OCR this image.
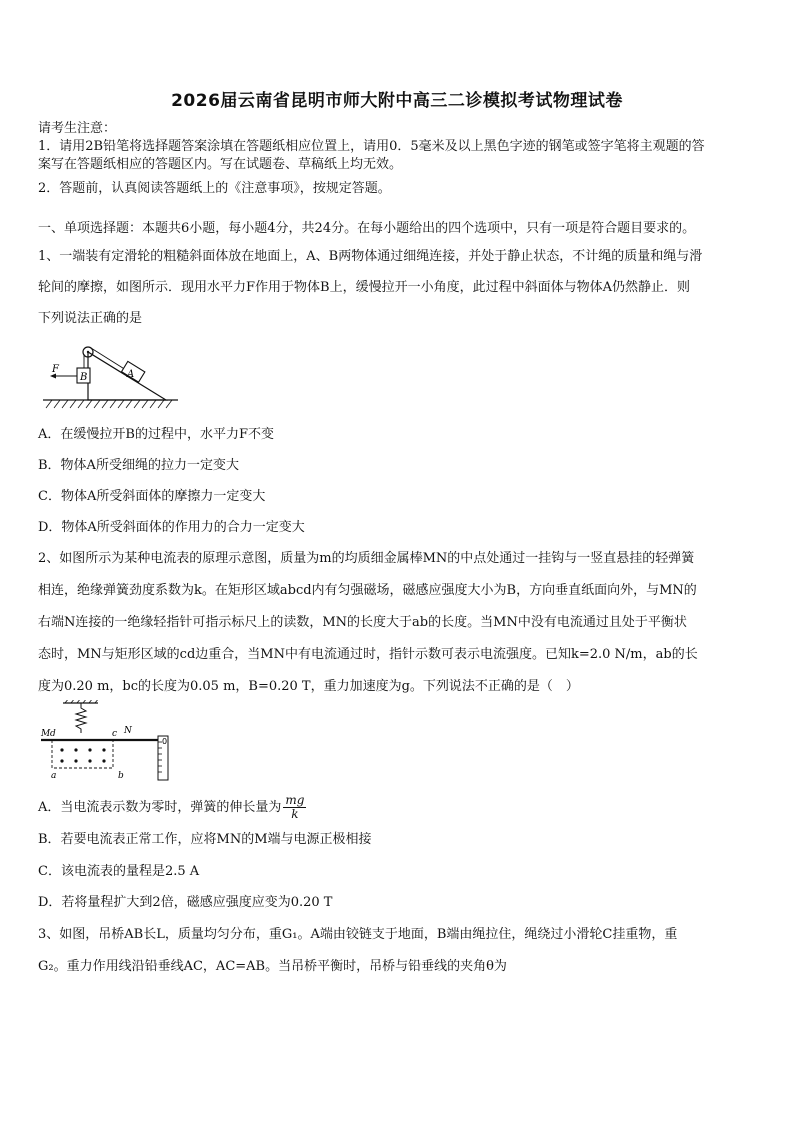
2026届云南省昆明市师大附中高三二诊模拟考试物理试卷
请考生注意：
1．请用2B铅笔将选择题答案涂填在答题纸相应位置上，请用0．5毫米及以上黑色字迹的钢笔或签字笔将主观题的答
案写在答题纸相应的答题区内。写在试题卷、草稿纸上均无效。
2．答题前，认真阅读答题纸上的《注意事项》，按规定答题。
一、单项选择题：本题共6小题，每小题4分，共24分。在每小题给出的四个选项中，只有一项是符合题目要求的。
1、一端装有定滑轮的粗糙斜面体放在地面上，A、B两物体通过细绳连接，并处于静止状态，不计绳的质量和绳与滑
轮间的摩擦，如图所示．现用水平力F作用于物体B上，缓慢拉开一小角度，此过程中斜面体与物体A仍然静止．则
下列说法正确的是
B	A
F
A．在缓慢拉开B的过程中，水平力F不变
B．物体A所受细绳的拉力一定变大
C．物体A所受斜面体的摩擦力一定变大
D．物体A所受斜面体的作用力的合力一定变大
2、如图所示为某种电流表的原理示意图，质量为m的均质细金属棒MN的中点处通过一挂钩与一竖直悬挂的轻弹簧
相连，绝缘弹簧劲度系数为k。在矩形区域abcd内有匀强磁场，磁感应强度大小为B，方向垂直纸面向外，与MN的
右端N连接的一绝缘轻指针可指示标尺上的读数，MN的长度大于ab的长度。当MN中没有电流通过且处于平衡状
态时，MN与矩形区域的cd边重合，当MN中有电流通过时，指针示数可表示电流强度。已知k=2.0 N/m，ab的长
度为0.20 m，bc的长度为0.05 m，B=0.20 T，重力加速度为g。下列说法不正确的是（　）
0
M d	c N
a	b
A．当电流表示数为零时，弹簧的伸长量为 $\frac{mg}{k}$
B．若要电流表正常工作，应将MN的M端与电源正极相接
C．该电流表的量程是2.5 A
D．若将量程扩大到2倍，磁感应强度应变为0.20 T
3、如图，吊桥AB长L，质量均匀分布，重G₁。A端由铰链支于地面，B端由绳拉住，绳绕过小滑轮C挂重物，重
G₂。重力作用线沿铅垂线AC，AC=AB。当吊桥平衡时，吊桥与铅垂线的夹角θ为
